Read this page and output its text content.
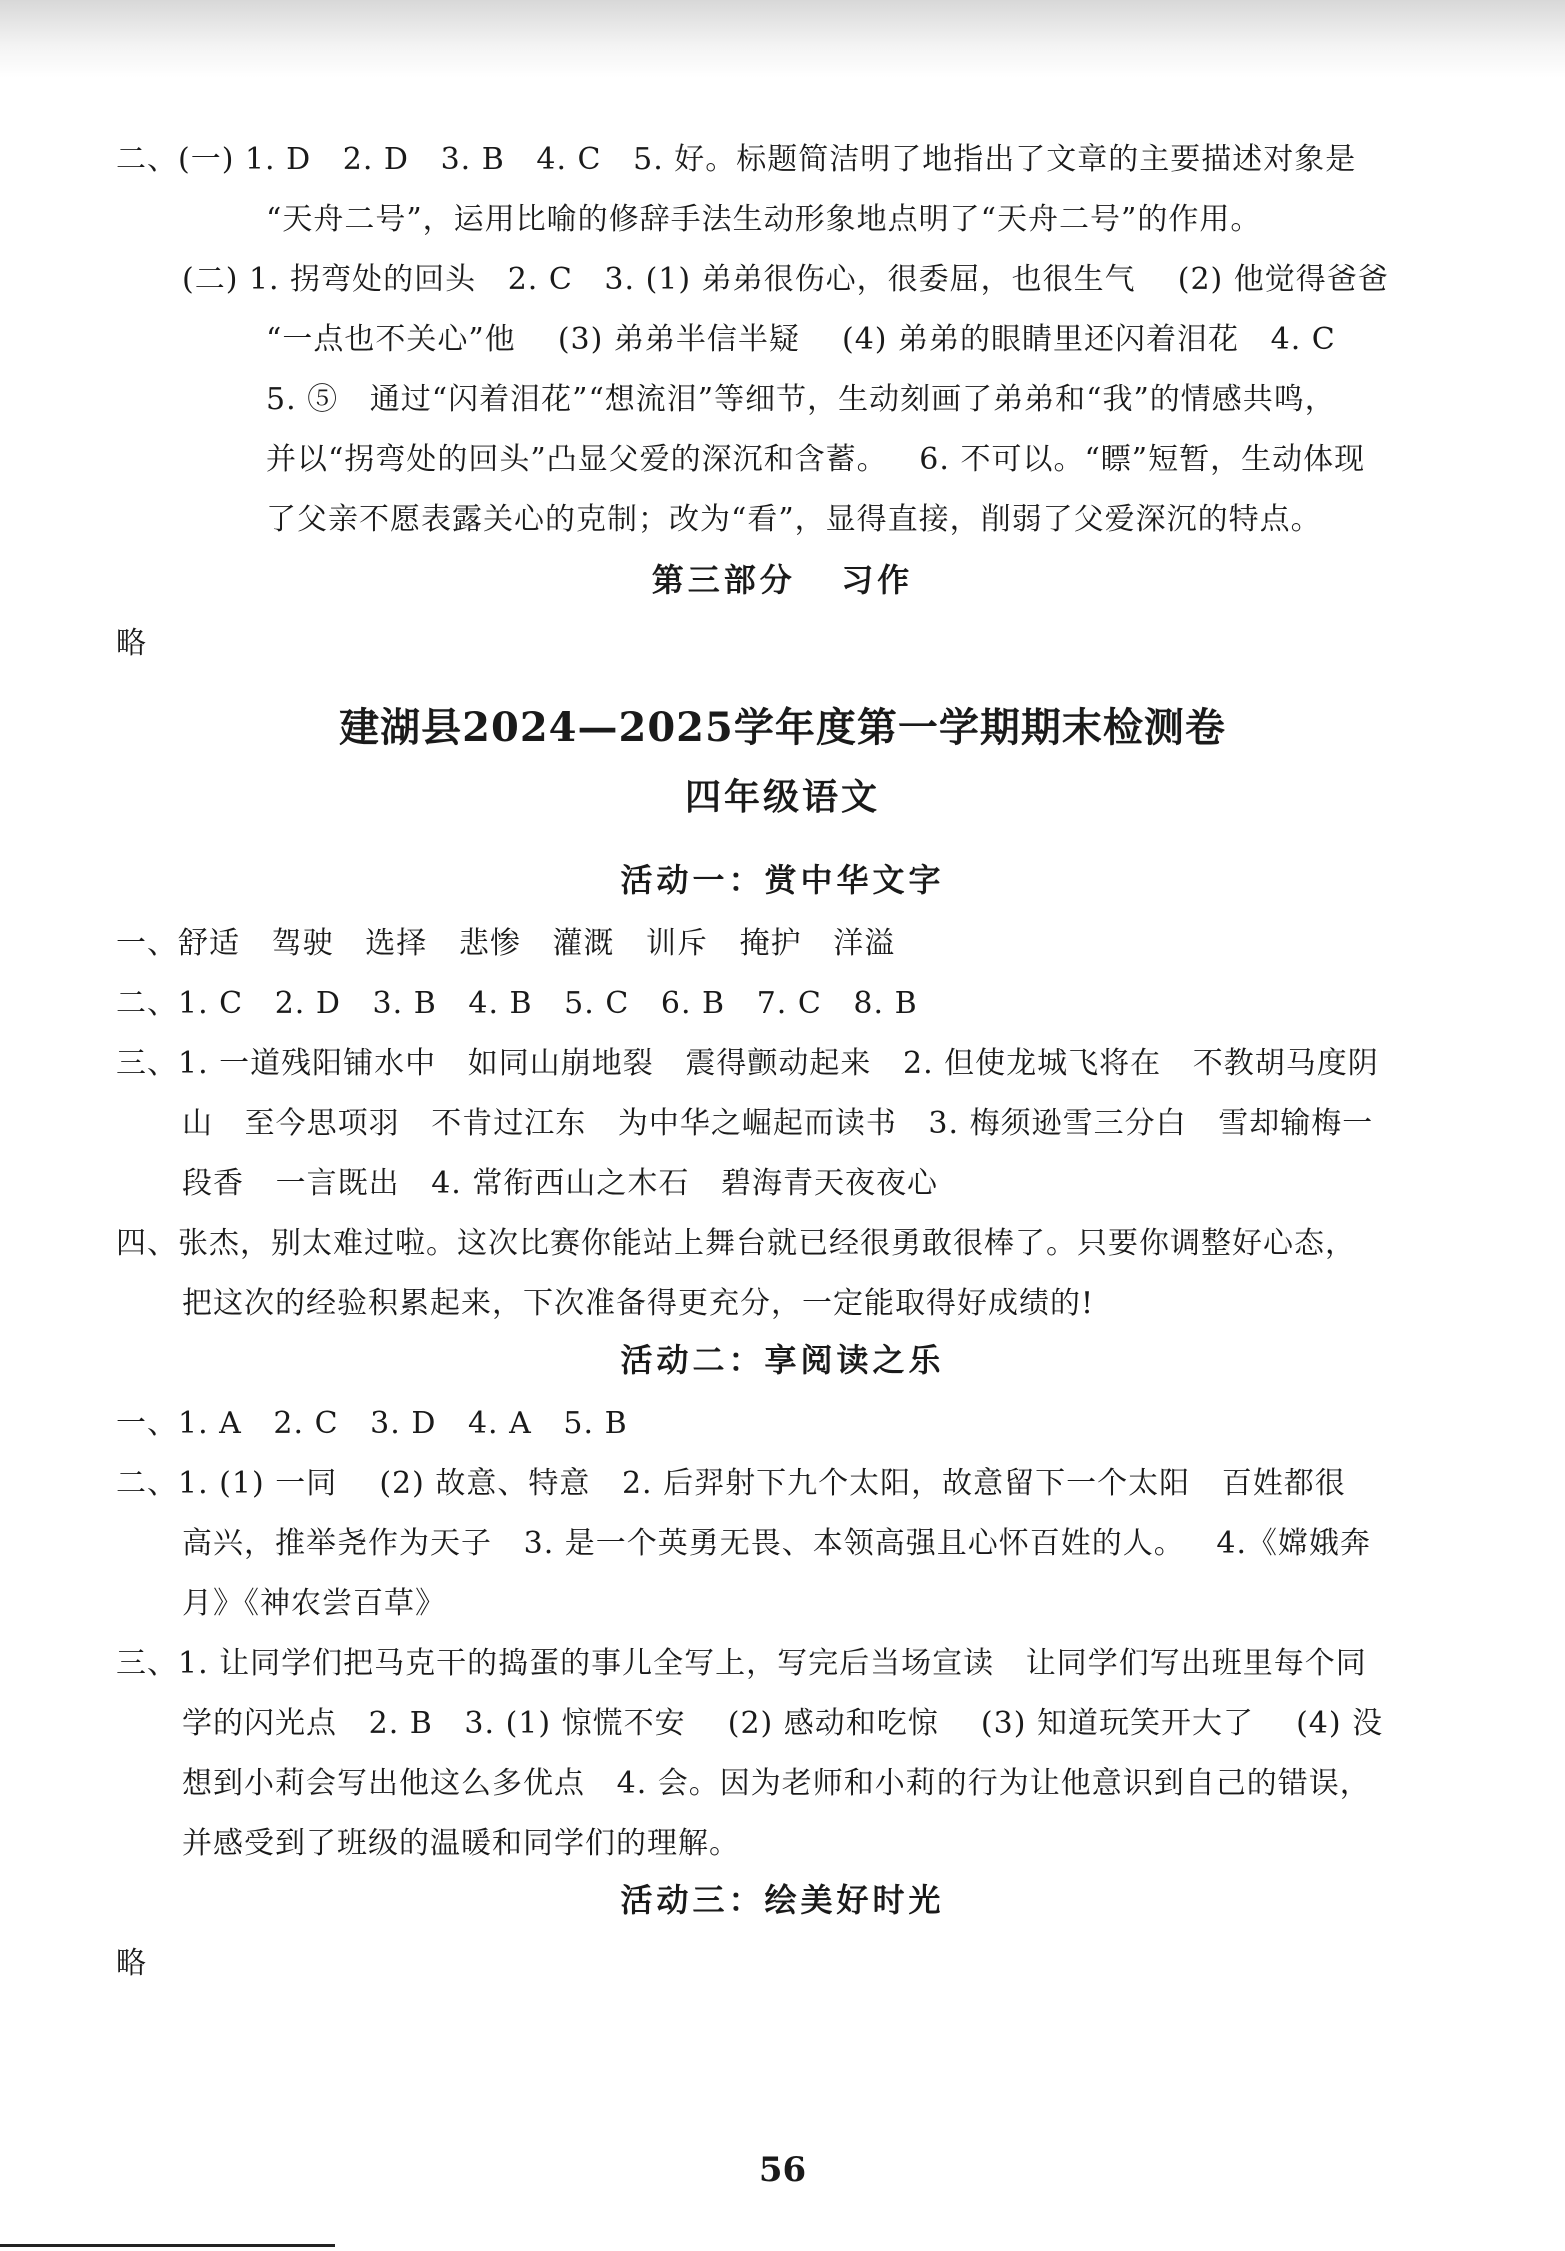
二、(一) 1. D   2. D   3. B   4. C   5. 好。标题简洁明了地指出了文章的主要描述对象是
“天舟二号”，运用比喻的修辞手法生动形象地点明了“天舟二号”的作用。
(二) 1. 拐弯处的回头   2. C   3. (1) 弟弟很伤心，很委屈，也很生气    (2) 他觉得爸爸
“一点也不关心”他    (3) 弟弟半信半疑    (4) 弟弟的眼睛里还闪着泪花   4. C
5. ⑤   通过“闪着泪花”“想流泪”等细节，生动刻画了弟弟和“我”的情感共鸣，
并以“拐弯处的回头”凸显父爱的深沉和含蓄。   6. 不可以。“瞟”短暂，生动体现
了父亲不愿表露关心的克制；改为“看”，显得直接，削弱了父爱深沉的特点。
第三部分   习作
略
建湖县2024—2025学年度第一学期期末检测卷
四年级语文
活动一：赏中华文字
一、舒适   驾驶   选择   悲惨   灌溉   训斥   掩护   洋溢
二、1. C   2. D   3. B   4. B   5. C   6. B   7. C   8. B
三、1. 一道残阳铺水中   如同山崩地裂   震得颤动起来   2. 但使龙城飞将在   不教胡马度阴
山   至今思项羽   不肯过江东   为中华之崛起而读书   3. 梅须逊雪三分白   雪却输梅一
段香   一言既出   4. 常衔西山之木石   碧海青天夜夜心
四、张杰，别太难过啦。这次比赛你能站上舞台就已经很勇敢很棒了。只要你调整好心态，
把这次的经验积累起来，下次准备得更充分，一定能取得好成绩的!
活动二：享阅读之乐
一、1. A   2. C   3. D   4. A   5. B
二、1. (1) 一同    (2) 故意、特意   2. 后羿射下九个太阳，故意留下一个太阳   百姓都很
高兴，推举尧作为天子   3. 是一个英勇无畏、本领高强且心怀百姓的人。   4.《嫦娥奔
月》《神农尝百草》
三、1. 让同学们把马克干的捣蛋的事儿全写上，写完后当场宣读   让同学们写出班里每个同
学的闪光点   2. B   3. (1) 惊慌不安    (2) 感动和吃惊    (3) 知道玩笑开大了    (4) 没
想到小莉会写出他这么多优点   4. 会。因为老师和小莉的行为让他意识到自己的错误，
并感受到了班级的温暖和同学们的理解。
活动三：绘美好时光
略
56
